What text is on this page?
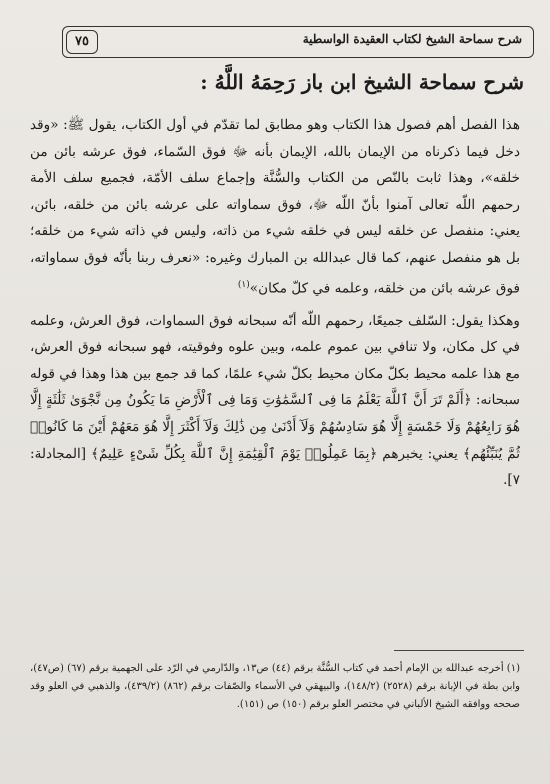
شرح سماحة الشيخ لكتاب العقيدة الواسطية
٧٥
شرح سماحة الشيخ ابن باز رَحِمَهُ اللَّهُ :

هذا الفصل أهم فصول هذا الكتاب وهو مطابق لما تقدّم في أول الكتاب، يقول ﷺ: «وقد دخل فيما ذكرناه من الإيمان بالله، الإيمان بأنه ﷻ فوق السّماء، فوق عرشه بائن من خلقه»، وهذا ثابت بالنّص من الكتاب والسُّنَّة وإجماع سلف الأمّة، فجميع سلف الأمة رحمهم اللّه تعالى آمنوا بأنّ اللّه ﷻ، فوق سماواته على عرشه بائن من خلقه، بائن، يعني: منفصل عن خلقه ليس في خلقه شيء من ذاته، وليس في ذاته شيء من خلقه؛ بل هو منفصل عنهم، كما قال عبدالله بن المبارك وغيره: «نعرف ربنا بأنّه فوق سماواته، فوق عرشه بائن من خلقه، وعلمه في كلّ مكان»$^{(١)}$

وهكذا يقول: السّلف جميعًا، رحمهم اللّه أنّه سبحانه فوق السماوات، فوق العرش، وعلمه في كل مكان، ولا تنافي بين عموم علمه، وبين علوه وفوقيته، فهو سبحانه فوق العرش، مع هذا علمه محيط بكلّ مكان محيط بكلّ شيء علمًا، كما قد جمع بين هذا وهذا في قوله سبحانه: ﴿أَلَمْ تَرَ أَنَّ ٱللَّهَ يَعْلَمُ مَا فِى ٱلسَّمَٰوَٰتِ وَمَا فِى ٱلْأَرْضِ مَا يَكُونُ مِن نَّجْوَىٰ ثَلَٰثَةٍ إِلَّا هُوَ رَابِعُهُمْ وَلَا خَمْسَةٍ إِلَّا هُوَ سَادِسُهُمْ وَلَآ أَدْنَىٰ مِن ذَٰلِكَ وَلَآ أَكْثَرَ إِلَّا هُوَ مَعَهُمْ أَيْنَ مَا كَانُوا۟ ثُمَّ يُنَبِّئُهُم﴾ يعني: يخبرهم ﴿بِمَا عَمِلُوا۟ يَوْمَ ٱلْقِيَٰمَةِ إِنَّ ٱللَّهَ بِكُلِّ شَىْءٍ عَلِيمٌ﴾ [المجادلة: ٧].

(١) أخرجه عبدالله بن الإمام أحمد في كتاب السُّنَّة برقم (٤٤) ص١٣، والدّارمي في الرّد على الجهمية برقم (٦٧) (ص٤٧)، وابن بطة في الإبانة برقم (٢٥٢٨) (١٤٨/٢)، والبيهقي في الأسماء والصّفات برقم (٨٦٢) (٤٣٩/٢)، والذهبي في العلو وقد صححه ووافقه الشيخ الألباني في مختصر العلو برقم (١٥٠) ص (١٥١).
